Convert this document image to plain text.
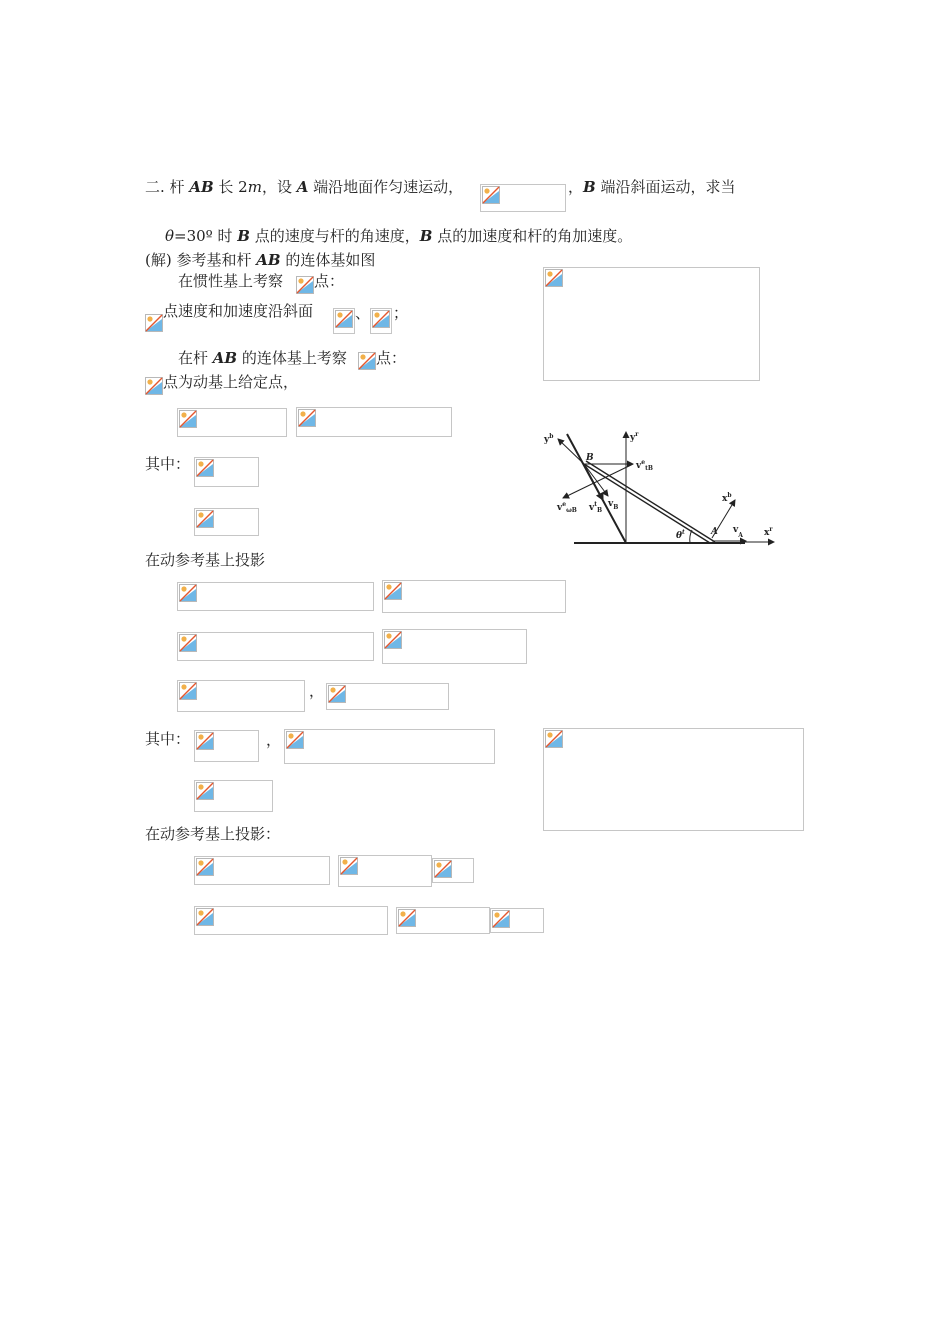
二. 杆 AB 长 2m，设 A 端沿地面作匀速运动，	，B 端沿斜面运动，求当
θ=30º 时 B 点的速度与杆的角速度，B 点的加速度和杆的角加速度。
(解) 参考基和杆 AB 的连体基如图
在惯性基上考察 点：
点速度和加速度沿斜面	、 ；
在杆 AB 的连体基上考察 点：
点为动基上给定点，
其中：
在动参考基上投影
，
其中：	，
在动参考基上投影：
$y^b$	$y^r$
B
$v^e_{tB}$
$v^e_{\omega B}$ $v^t_B$
$v_B$
$x^b$
$\theta^t$	A $v_A$ $x^r$
